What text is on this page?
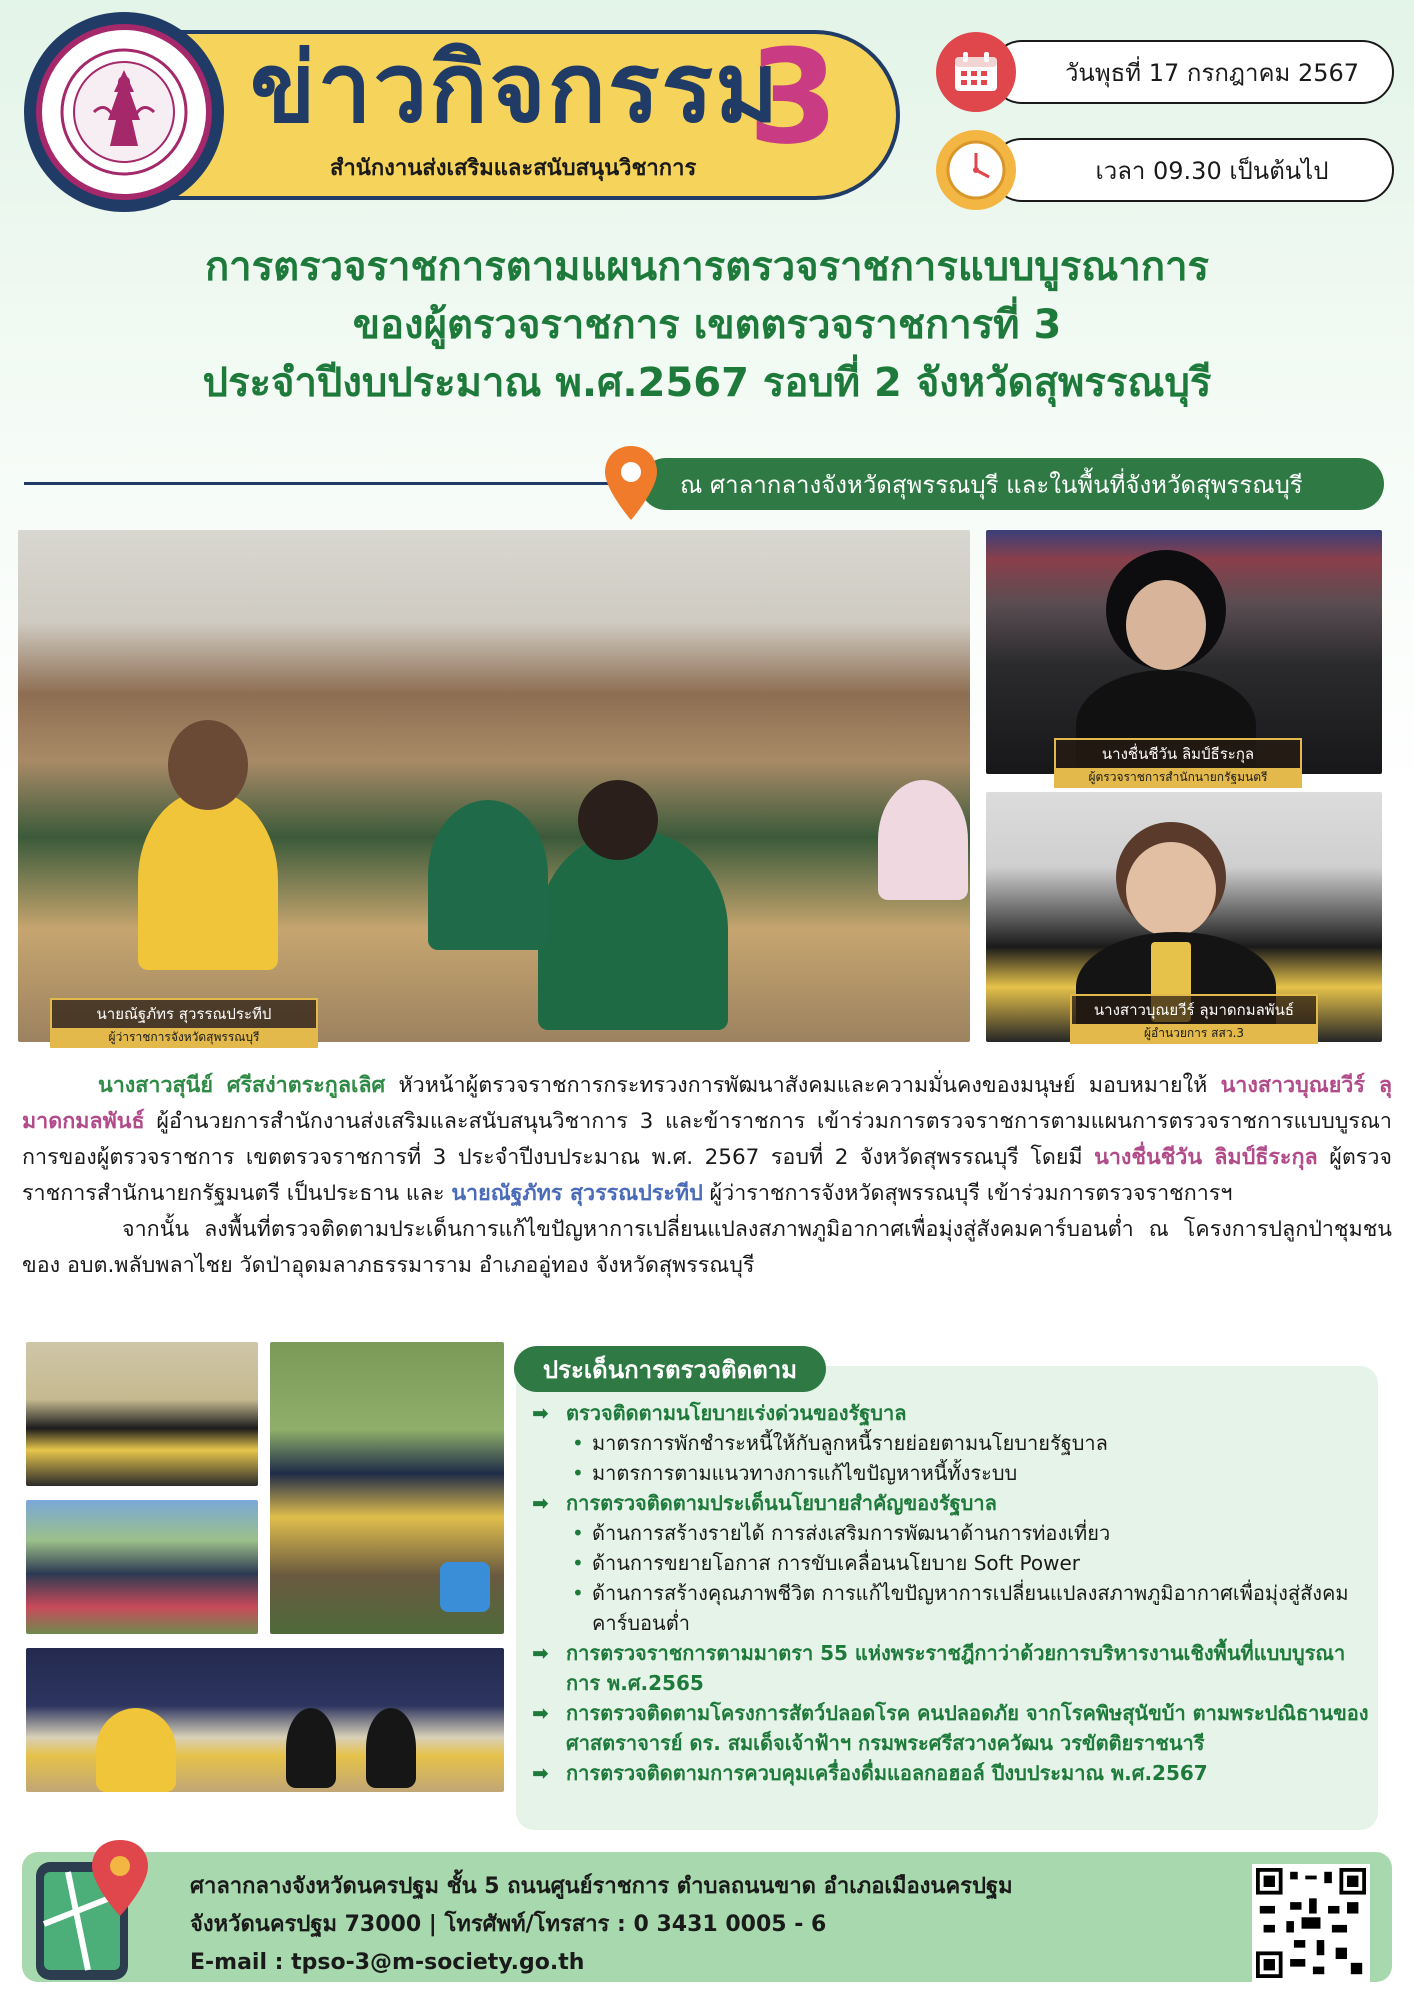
ข่าวกิจกรรม
3
สำนักงานส่งเสริมและสนับสนุนวิชาการ
วันพุธที่ 17 กรกฎาคม 2567
เวลา 09.30 เป็นต้นไป
การตรวจราชการตามแผนการตรวจราชการแบบบูรณาการ
ของผู้ตรวจราชการ เขตตรวจราชการที่ 3
ประจำปีงบประมาณ พ.ศ.2567 รอบที่ 2 จังหวัดสุพรรณบุรี
ณ ศาลากลางจังหวัดสุพรรณบุรี และในพื้นที่จังหวัดสุพรรณบุรี
นายณัฐภัทร สุวรรณประทีป
ผู้ว่าราชการจังหวัดสุพรรณบุรี
นางชื่นชีวัน ลิมป์ธีระกุล
ผู้ตรวจราชการสำนักนายกรัฐมนตรี
นางสาวบุณยวีร์ ลุมาดกมลพันธ์
ผู้อำนวยการ สสว.3

นางสาวสุนีย์ ศรีสง่าตระกูลเลิศ หัวหน้าผู้ตรวจราชการกระทรวงการพัฒนาสังคมและความมั่นคงของมนุษย์ มอบหมายให้ นางสาวบุณยวีร์ ลุมาดกมลพันธ์ ผู้อำนวยการสำนักงานส่งเสริมและสนับสนุนวิชาการ 3 และข้าราชการ เข้าร่วมการตรวจราชการตามแผนการตรวจราชการแบบบูรณาการของผู้ตรวจราชการ เขตตรวจราชการที่ 3 ประจำปีงบประมาณ พ.ศ. 2567 รอบที่ 2 จังหวัดสุพรรณบุรี โดยมี นางชื่นชีวัน ลิมป์ธีระกุล ผู้ตรวจราชการสำนักนายกรัฐมนตรี เป็นประธาน และ นายณัฐภัทร สุวรรณประทีป ผู้ว่าราชการจังหวัดสุพรรณบุรี เข้าร่วมการตรวจราชการฯ

จากนั้น ลงพื้นที่ตรวจติดตามประเด็นการแก้ไขปัญหาการเปลี่ยนแปลงสภาพภูมิอากาศเพื่อมุ่งสู่สังคมคาร์บอนต่ำ ณ โครงการปลูกป่าชุมชน ของ อบต.พลับพลาไชย วัดป่าอุดมลาภธรรมาราม อำเภออู่ทอง จังหวัดสุพรรณบุรี

ประเด็นการตรวจติดตาม
➡ ตรวจติดตามนโยบายเร่งด่วนของรัฐบาล
• มาตรการพักชำระหนี้ให้กับลูกหนี้รายย่อยตามนโยบายรัฐบาล
• มาตรการตามแนวทางการแก้ไขปัญหาหนี้ทั้งระบบ
➡ การตรวจติดตามประเด็นนโยบายสำคัญของรัฐบาล
• ด้านการสร้างรายได้ การส่งเสริมการพัฒนาด้านการท่องเที่ยว
• ด้านการขยายโอกาส การขับเคลื่อนนโยบาย Soft Power
• ด้านการสร้างคุณภาพชีวิต การแก้ไขปัญหาการเปลี่ยนแปลงสภาพภูมิอากาศเพื่อมุ่งสู่สังคมคาร์บอนต่ำ
➡ การตรวจราชการตามมาตรา 55 แห่งพระราชฎีกาว่าด้วยการบริหารงานเชิงพื้นที่แบบบูรณาการ พ.ศ.2565
➡ การตรวจติดตามโครงการสัตว์ปลอดโรค คนปลอดภัย จากโรคพิษสุนัขบ้า ตามพระปณิธานของศาสตราจารย์ ดร. สมเด็จเจ้าฟ้าฯ กรมพระศรีสวางควัฒน วรขัตติยราชนารี
➡ การตรวจติดตามการควบคุมเครื่องดื่มแอลกอฮอล์ ปีงบประมาณ พ.ศ.2567
ศาลากลางจังหวัดนครปฐม ชั้น 5 ถนนศูนย์ราชการ ตำบลถนนขาด อำเภอเมืองนครปฐม
จังหวัดนครปฐม 73000 | โทรศัพท์/โทรสาร : 0 3431 0005 - 6
E-mail : tpso-3@m-society.go.th
